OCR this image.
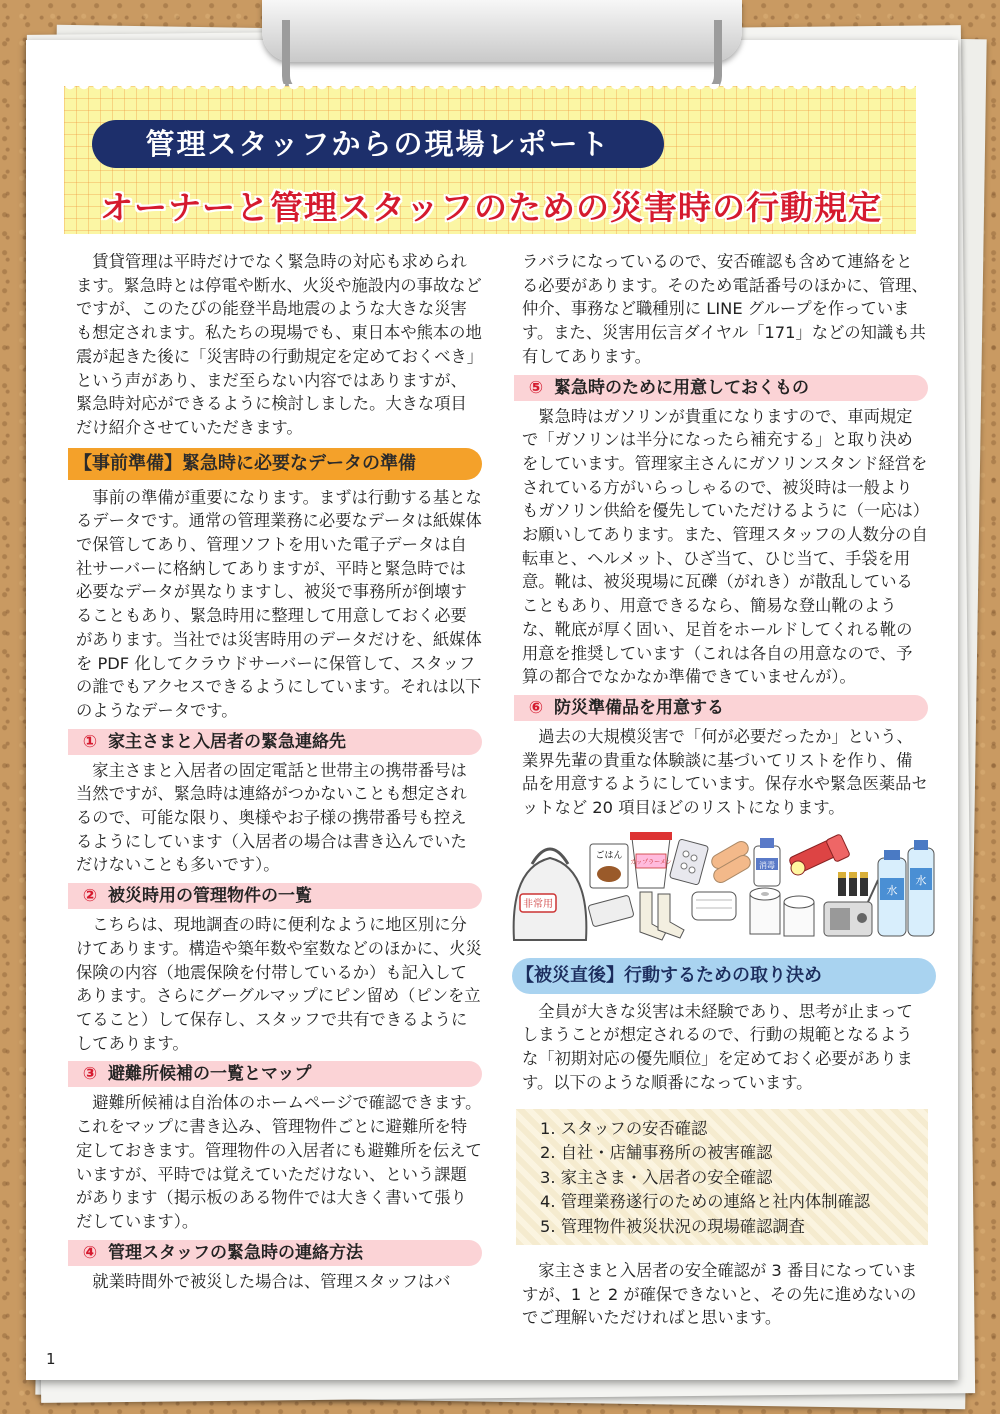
管理スタッフからの現場レポート
オーナーと管理スタッフのための災害時の行動規定

賃貸管理は平時だけでなく緊急時の対応も求められます。緊急時とは停電や断水、火災や施設内の事故などですが、このたびの能登半島地震のような大きな災害も想定されます。私たちの現場でも、東日本や熊本の地震が起きた後に「災害時の行動規定を定めておくべき」という声があり、まだ至らない内容ではありますが、緊急時対応ができるように検討しました。大きな項目だけ紹介させていただきます。

【事前準備】緊急時に必要なデータの準備

事前の準備が重要になります。まずは行動する基となるデータです。通常の管理業務に必要なデータは紙媒体で保管してあり、管理ソフトを用いた電子データは自社サーバーに格納してありますが、平時と緊急時では必要なデータが異なりますし、被災で事務所が倒壊することもあり、緊急時用に整理して用意しておく必要があります。当社では災害時用のデータだけを、紙媒体を PDF 化してクラウドサーバーに保管して、スタッフの誰でもアクセスできるようにしています。それは以下のようなデータです。

① 家主さまと入居者の緊急連絡先

家主さまと入居者の固定電話と世帯主の携帯番号は当然ですが、緊急時は連絡がつかないことも想定されるので、可能な限り、奥様やお子様の携帯番号も控えるようにしています（入居者の場合は書き込んでいただけないことも多いです）。

② 被災時用の管理物件の一覧

こちらは、現地調査の時に便利なように地区別に分けてあります。構造や築年数や室数などのほかに、火災保険の内容（地震保険を付帯しているか）も記入してあります。さらにグーグルマップにピン留め（ピンを立てること）して保存し、スタッフで共有できるようにしてあります。

③ 避難所候補の一覧とマップ

避難所候補は自治体のホームページで確認できます。これをマップに書き込み、管理物件ごとに避難所を特定しておきます。管理物件の入居者にも避難所を伝えていますが、平時では覚えていただけない、という課題があります（掲示板のある物件では大きく書いて張りだしています）。

④ 管理スタッフの緊急時の連絡方法

就業時間外で被災した場合は、管理スタッフはバ

ラバラになっているので、安否確認も含めて連絡をとる必要があります。そのため電話番号のほかに、管理、仲介、事務など職種別に LINE グループを作っています。また、災害用伝言ダイヤル「171」などの知識も共有してあります。

⑤ 緊急時のために用意しておくもの

緊急時はガソリンが貴重になりますので、車両規定で「ガソリンは半分になったら補充する」と取り決めをしています。管理家主さんにガソリンスタンド経営をされている方がいらっしゃるので、被災時は一般よりもガソリン供給を優先していただけるように（一応は）お願いしてあります。また、管理スタッフの人数分の自転車と、ヘルメット、ひざ当て、ひじ当て、手袋を用意。靴は、被災現場に瓦礫（がれき）が散乱していることもあり、用意できるなら、簡易な登山靴のような、靴底が厚く固い、足首をホールドしてくれる靴の用意を推奨しています（これは各自の用意なので、予算の都合でなかなか準備できていませんが）。

⑥ 防災準備品を用意する

過去の大規模災害で「何が必要だったか」という、業界先輩の貴重な体験談に基づいてリストを作り、備品を用意するようにしています。保存水や緊急医薬品セットなど 20 項目ほどのリストになります。

非常用
ごはん
カップラーメン	消毒
水
水
【被災直後】行動するための取り決め

全員が大きな災害は未経験であり、思考が止まってしまうことが想定されるので、行動の規範となるような「初期対応の優先順位」を定めておく必要があります。以下のような順番になっています。

1. スタッフの安否確認
2. 自社・店舗事務所の被害確認
3. 家主さま・入居者の安全確認
4. 管理業務遂行のための連絡と社内体制確認
5. 管理物件被災状況の現場確認調査

家主さまと入居者の安全確認が 3 番目になっていますが、1 と 2 が確保できないと、その先に進めないのでご理解いただければと思います。

1
